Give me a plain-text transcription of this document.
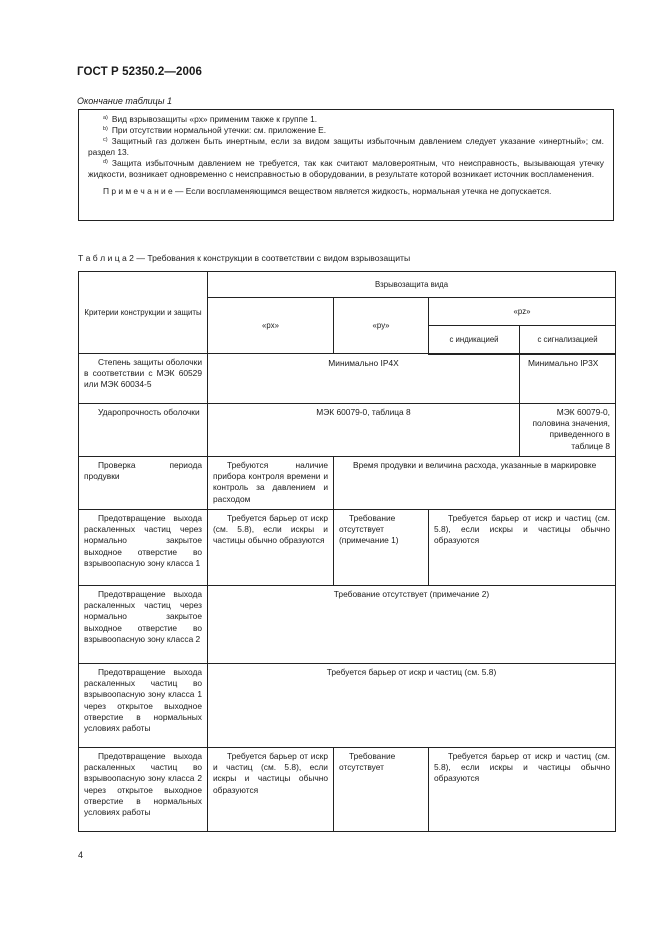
ГОСТ Р 52350.2—2006
Окончание таблицы 1

$^{a)}$ Вид взрывозащиты «px» применим также к группе 1.

$^{b)}$ При отсутствии нормальной утечки: см. приложение Е.

$^{c)}$ Защитный газ должен быть инертным, если за видом защиты избыточным давлением следует указание «инертный»; см. раздел 13.

$^{d)}$ Защита избыточным давлением не требуется, так как считают маловероятным, что неисправность, вызывающая утечку жидкости, возникает одновременно с неисправностью в оборудовании, в результате которой возникает источник воспламенения.

П р и м е ч а н и е — Если воспламеняющимся веществом является жидкость, нормальная утечка не допускается.

Т а б л и ц а 2 — Требования к конструкции в соответствии с видом взрывозащиты
Критерии конструкции и защиты	Взрывозащита вида			
	«px»	«py»	«pz»	
			с индикацией	с сигнализацией
Степень защиты оболочки в соответствии с МЭК 60529 или МЭК 60034-5	Минимально IP4X			Минимально IP3X
Ударопрочность оболочки	МЭК 60079-0, таблица 8			МЭК 60079-0, половина значения, приведенного в таблице 8
Проверка периода продувки	Требуются наличие прибора контроля времени и контроль за давлением и расходом	Время продувки и величина расхода, указанные в маркировке		
Предотвращение выхода раскаленных частиц через нормально закрытое выходное отверстие во взрывоопасную зону класса 1	Требуется барьер от искр (см. 5.8), если искры и частицы обычно образуются	Требование отсутствует (примечание 1)	Требуется барьер от искр и частиц (см. 5.8), если искры и частицы обычно образуются	
Предотвращение выхода раскаленных частиц через нормально закрытое выходное отверстие во взрывоопасную зону класса 2	Требование отсутствует (примечание 2)			
Предотвращение выхода раскаленных частиц во взрывоопасную зону класса 1 через открытое выходное отверстие в нормальных условиях работы	Требуется барьер от искр и частиц (см. 5.8)			
Предотвращение выхода раскаленных частиц во взрывоопасную зону класса 2 через открытое выходное отверстие в нормальных условиях работы	Требуется барьер от искр и частиц (см. 5.8), если искры и частицы обычно образуются	Требование отсутствует	Требуется барьер от искр и частиц (см. 5.8), если искры и частицы обычно образуются	
4
